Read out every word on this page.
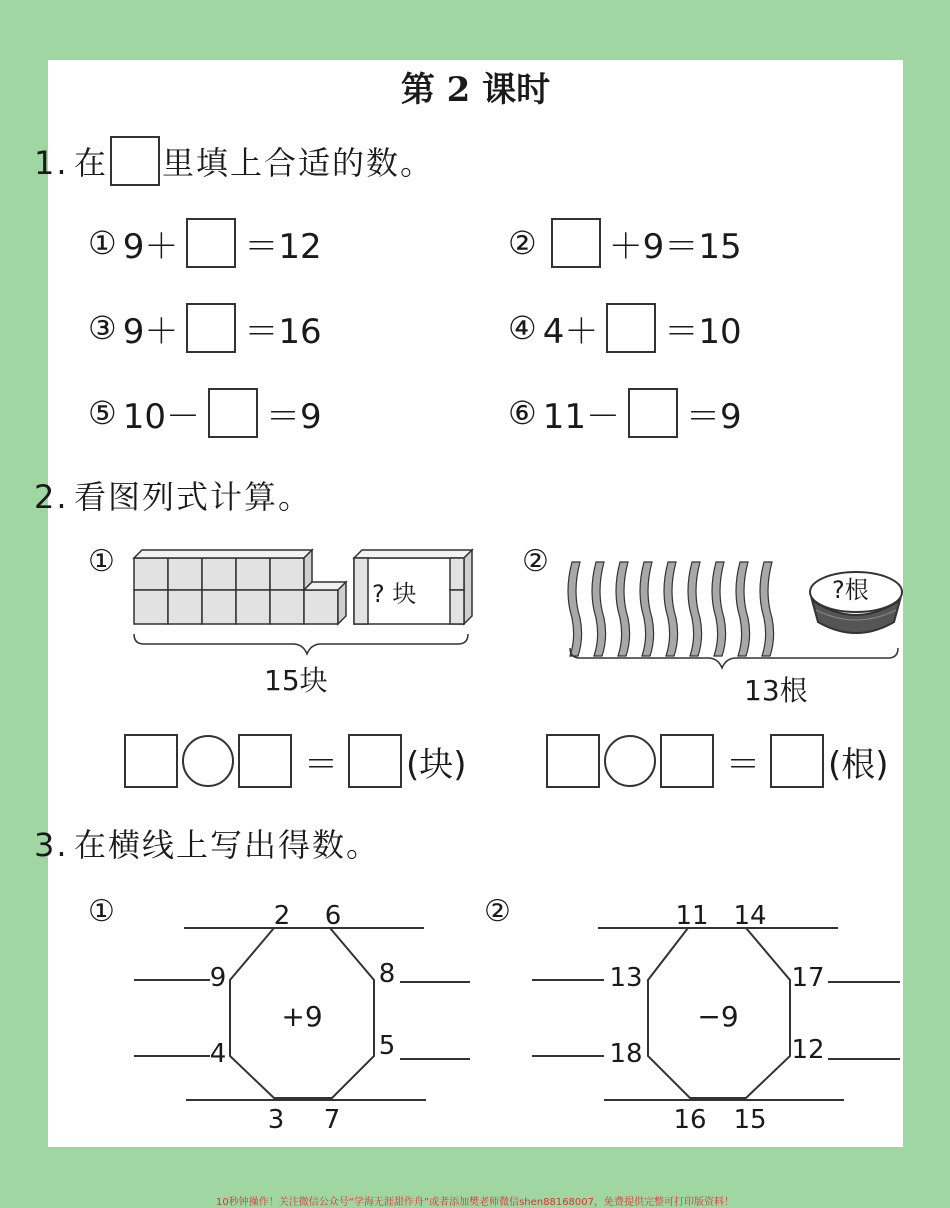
第 2 课时
1. 在 里填上合适的数。
① 9＋ ＝12	② ＋9＝15
③ 9＋ ＝16	④ 4＋ ＝10
⑤ 10－ ＝9	⑥ 11－ ＝9
2. 看图列式计算。
①
? 块
15块
②
?根
13根
＝ (块)	＝ (根)
3. 在横线上写出得数。
①
+9
2 6
9
4
8
5
3 7
②
−9
11 14
13
18
17
12
16 15
10秒钟操作！关注微信公众号“学海无涯甜作舟”或者添加樊老师微信shen88168007，免费提供完整可打印版资料！
